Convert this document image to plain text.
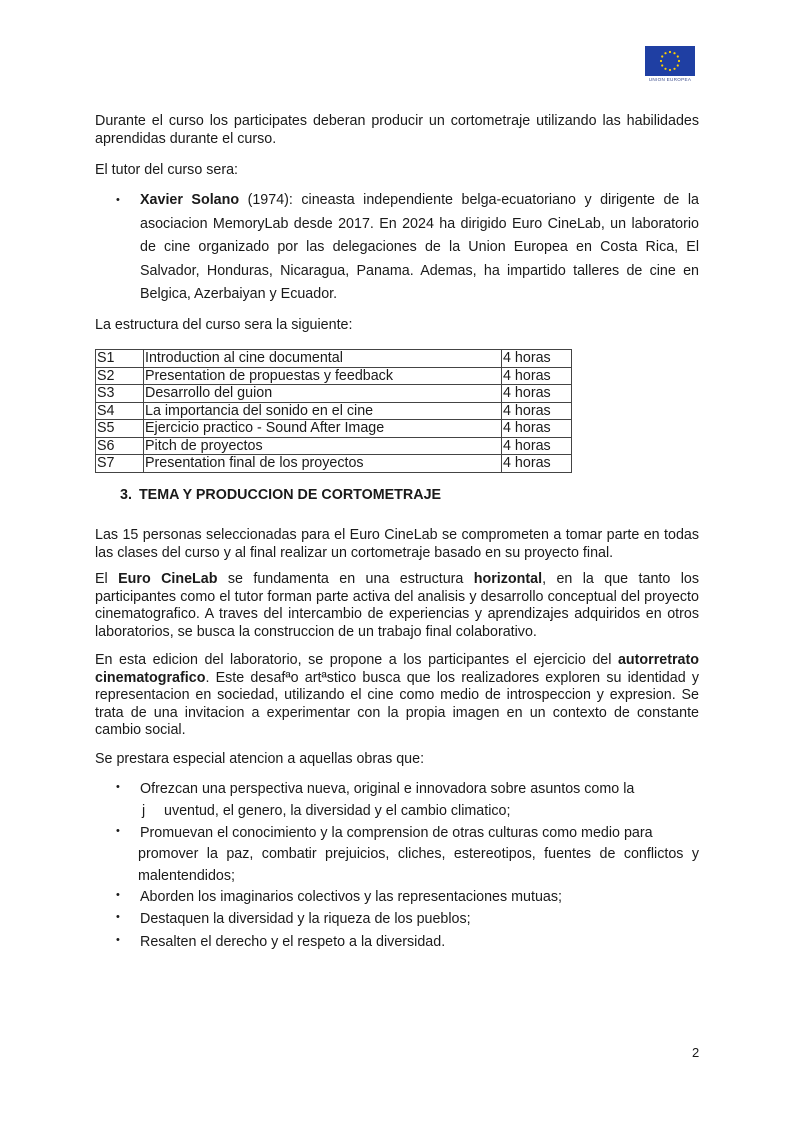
UNION EUROPEA

Durante el curso los participates deberan producir un cortometraje utilizando las habilidades aprendidas durante el curso.

El tutor del curso sera:

• Xavier Solano (1974): cineasta independiente belga-ecuatoriano y dirigente de la asociacion MemoryLab desde 2017. En 2024 ha dirigido Euro CineLab, un laboratorio de cine organizado por las delegaciones de la Union Europea en Costa Rica, El Salvador, Honduras, Nicaragua, Panama. Ademas, ha impartido talleres de cine en Belgica, Azerbaiyan y Ecuador.

La estructura del curso sera la siguiente:

S1	Introduction al cine documental	4 horas
S2	Presentation de propuestas y feedback	4 horas
S3	Desarrollo del guion	4 horas
S4	La importancia del sonido en el cine	4 horas
S5	Ejercicio practico - Sound After Image	4 horas
S6	Pitch de proyectos	4 horas
S7	Presentation final de los proyectos	4 horas
3. TEMA Y PRODUCCION DE CORTOMETRAJE

Las 15 personas seleccionadas para el Euro CineLab se comprometen a tomar parte en todas las clases del curso y al final realizar un cortometraje basado en su proyecto final.

El Euro CineLab se fundamenta en una estructura horizontal, en la que tanto los participantes como el tutor forman parte activa del analisis y desarrollo conceptual del proyecto cinematografico. A traves del intercambio de experiencias y aprendizajes adquiridos en otros laboratorios, se busca la construccion de un trabajo final colaborativo.

En esta edicion del laboratorio, se propone a los participantes el ejercicio del autorretrato cinematografico. Este desafªo artªstico busca que los realizadores exploren su identidad y representacion en sociedad, utilizando el cine como medio de introspeccion y expresion. Se trata de una invitacion a experimentar con la propia imagen en un contexto de constante cambio social.

Se prestara especial atencion a aquellas obras que:

• Ofrezcan una perspectiva nueva, original e innovadora sobre asuntos como la
j uventud, el genero, la diversidad y el cambio climatico;
• Promuevan el conocimiento y la comprension de otras culturas como medio para
promover la paz, combatir prejuicios, cliches, estereotipos, fuentes de conflictos y
malentendidos;
• Aborden los imaginarios colectivos y las representaciones mutuas;
• Destaquen la diversidad y la riqueza de los pueblos;
• Resalten el derecho y el respeto a la diversidad.
2
